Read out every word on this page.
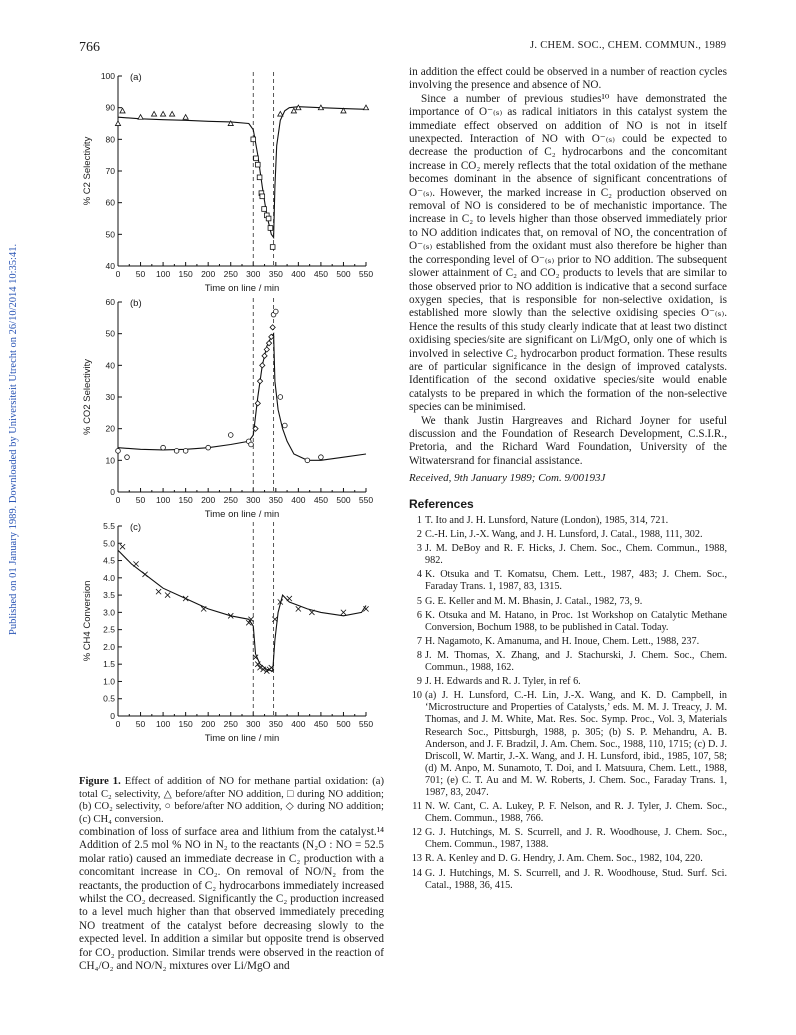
766	J. CHEM. SOC., CHEM. COMMUN., 1989
Published on 01 January 1989. Downloaded by Universiteit Utrecht on 26/10/2014 10:35:41.	0 50 100 150 200 250 300 350 400 450 500 550
40
50
60
70
80
90
100 (a)
% C2 Selectivity
Time on line / min
0 50 100 150 200 250 300 350 400 450 500 550
0
10
20
30
40
50
60 (b)
% CO2 Selectivity
Time on line / min
0 50 100 150 200 250 300 350 400 450 500 550
0
0.5
1.0
1.5
2.0
2.5
3.0
3.5
4.0
4.5
5.0
5.5 (c)
% CH4 Conversion
Time on line / min
Figure 1. Effect of addition of NO for methane partial oxidation: (a) total C₂ selectivity, △ before/after NO addition, □ during NO addition; (b) CO₂ selectivity, ○ before/after NO addition, ◇ during NO addition; (c) CH₄ conversion.

combination of loss of surface area and lithium from the catalyst.¹⁴ Addition of 2.5 mol % NO in N₂ to the reactants (N₂O : NO = 52.5 molar ratio) caused an immediate decrease in C₂ production with a concomitant increase in CO₂. On removal of NO/N₂ from the reactants, the production of C₂ hydrocarbons immediately increased whilst the CO₂ decreased. Significantly the C₂ production increased to a level much higher than that observed immediately preceding NO treatment of the catalyst before decreasing slowly to the expected level. In addition a similar but opposite trend is observed for CO₂ production. Similar trends were observed in the reaction of CH₄/O₂ and NO/N₂ mixtures over Li/MgO and

in addition the effect could be observed in a number of reaction cycles involving the presence and absence of NO.

Since a number of previous studies¹⁰ have demonstrated the importance of O⁻₍ₛ₎ as radical initiators in this catalyst system the immediate effect observed on addition of NO is not in itself unexpected. Interaction of NO with O⁻₍ₛ₎ could be expected to decrease the production of C₂ hydrocarbons and the concomitant increase in CO₂ merely reflects that the total oxidation of the methane becomes dominant in the absence of significant concentrations of O⁻₍ₛ₎. However, the marked increase in C₂ production observed on removal of NO is considered to be of mechanistic importance. The increase in C₂ to levels higher than those observed immediately prior to NO addition indicates that, on removal of NO, the concentration of O⁻₍ₛ₎ established from the oxidant must also therefore be higher than the corresponding level of O⁻₍ₛ₎ prior to NO addition. The subsequent slower attainment of C₂ and CO₂ products to levels that are similar to those observed prior to NO addition is indicative that a second surface oxygen species, that is responsible for non-selective oxidation, is established more slowly than the selective oxidising species O⁻₍ₛ₎. Hence the results of this study clearly indicate that at least two distinct oxidising species/site are significant on Li/MgO, only one of which is involved in selective C₂ hydrocarbon product formation. These results are of particular significance in the design of improved catalysts. Identification of the second oxidative species/site would enable catalysts to be prepared in which the formation of the non-selective species can be minimised.

We thank Justin Hargreaves and Richard Joyner for useful discussion and the Foundation of Research Development, C.S.I.R., Pretoria, and the Richard Ward Foundation, University of the Witwatersrand for financial assistance.

Received, 9th January 1989; Com. 9/00193J

References
1 T. Ito and J. H. Lunsford, Nature (London), 1985, 314, 721.
2 C.-H. Lin, J.-X. Wang, and J. H. Lunsford, J. Catal., 1988, 111, 302.
3 J. M. DeBoy and R. F. Hicks, J. Chem. Soc., Chem. Commun., 1988, 982.
4 K. Otsuka and T. Komatsu, Chem. Lett., 1987, 483; J. Chem. Soc., Faraday Trans. 1, 1987, 83, 1315.
5 G. E. Keller and M. M. Bhasin, J. Catal., 1982, 73, 9.
6 K. Otsuka and M. Hatano, in Proc. 1st Workshop on Catalytic Methane Conversion, Bochum 1988, to be published in Catal. Today.
7 H. Nagamoto, K. Amanuma, and H. Inoue, Chem. Lett., 1988, 237.
8 J. M. Thomas, X. Zhang, and J. Stachurski, J. Chem. Soc., Chem. Commun., 1988, 162.
9 J. H. Edwards and R. J. Tyler, in ref 6.
10 (a) J. H. Lunsford, C.-H. Lin, J.-X. Wang, and K. D. Campbell, in ‘Microstructure and Properties of Catalysts,’ eds. M. M. J. Treacy, J. M. Thomas, and J. M. White, Mat. Res. Soc. Symp. Proc., Vol. 3, Materials Research Soc., Pittsburgh, 1988, p. 305; (b) S. P. Mehandru, A. B. Anderson, and J. F. Bradzil, J. Am. Chem. Soc., 1988, 110, 1715; (c) D. J. Driscoll, W. Martir, J.-X. Wang, and J. H. Lunsford, ibid., 1985, 107, 58; (d) M. Anpo, M. Sunamoto, T. Doi, and I. Matsuura, Chem. Lett., 1988, 701; (e) C. T. Au and M. W. Roberts, J. Chem. Soc., Faraday Trans. 1, 1987, 83, 2047.
11 N. W. Cant, C. A. Lukey, P. F. Nelson, and R. J. Tyler, J. Chem. Soc., Chem. Commun., 1988, 766.
12 G. J. Hutchings, M. S. Scurrell, and J. R. Woodhouse, J. Chem. Soc., Chem. Commun., 1987, 1388.
13 R. A. Kenley and D. G. Hendry, J. Am. Chem. Soc., 1982, 104, 220.
14 G. J. Hutchings, M. S. Scurrell, and J. R. Woodhouse, Stud. Surf. Sci. Catal., 1988, 36, 415.
